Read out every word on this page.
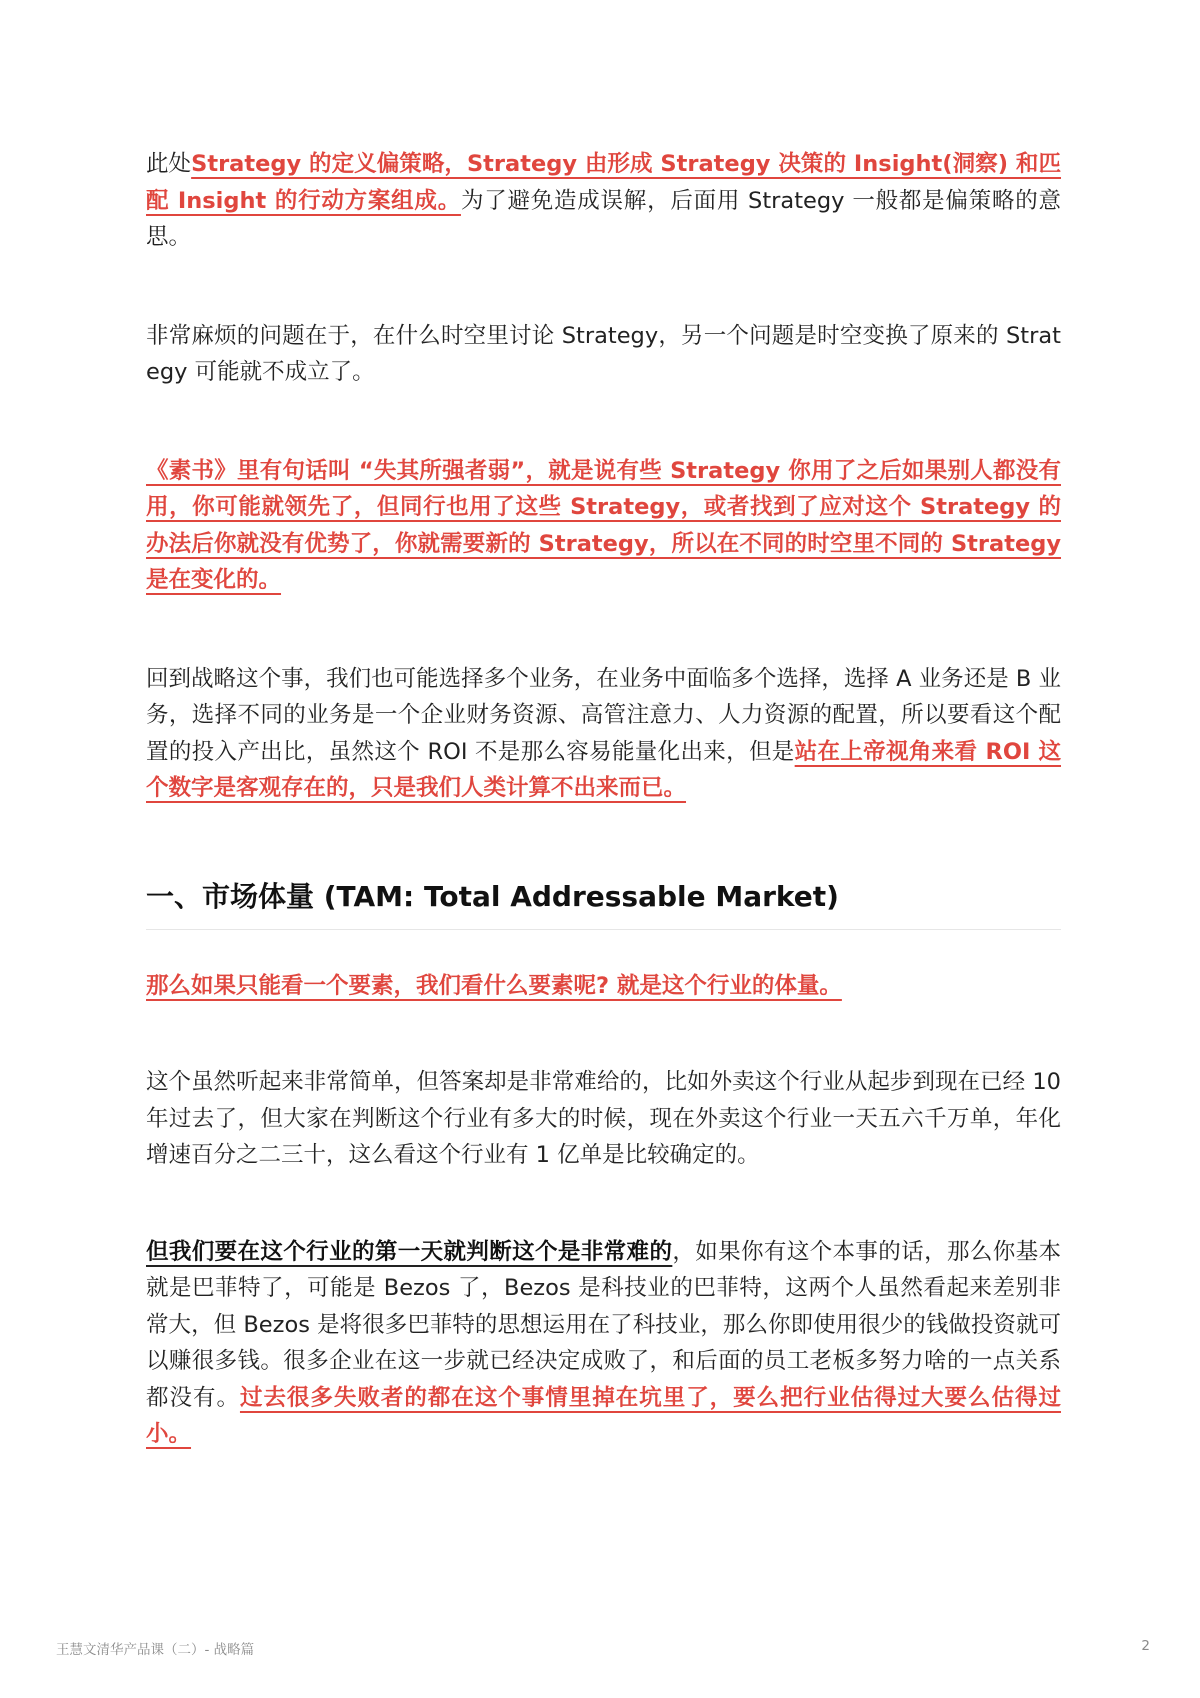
此处Strategy 的定义偏策略，Strategy 由形成 Strategy 决策的 Insight(洞察) 和匹配 Insight 的行动方案组成。为了避免造成误解，后面用 Strategy 一般都是偏策略的意思。

非常麻烦的问题在于，在什么时空里讨论 Strategy，另一个问题是时空变换了原来的 Strategy 可能就不成立了。

《素书》里有句话叫 “失其所强者弱”，就是说有些 Strategy 你用了之后如果别人都没有用，你可能就领先了，但同行也用了这些 Strategy，或者找到了应对这个 Strategy 的办法后你就没有优势了，你就需要新的 Strategy，所以在不同的时空里不同的 Strategy 是在变化的。

回到战略这个事，我们也可能选择多个业务，在业务中面临多个选择，选择 A 业务还是 B 业务，选择不同的业务是一个企业财务资源、高管注意力、人力资源的配置，所以要看这个配置的投入产出比，虽然这个 ROI 不是那么容易能量化出来，但是站在上帝视角来看 ROI 这个数字是客观存在的，只是我们人类计算不出来而已。

一、市场体量 (TAM: Total Addressable Market)

那么如果只能看一个要素，我们看什么要素呢? 就是这个行业的体量。

这个虽然听起来非常简单，但答案却是非常难给的，比如外卖这个行业从起步到现在已经 10 年过去了，但大家在判断这个行业有多大的时候，现在外卖这个行业一天五六千万单，年化增速百分之二三十，这么看这个行业有 1 亿单是比较确定的。

但我们要在这个行业的第一天就判断这个是非常难的，如果你有这个本事的话，那么你基本就是巴菲特了，可能是 Bezos 了，Bezos 是科技业的巴菲特，这两个人虽然看起来差别非常大，但 Bezos 是将很多巴菲特的思想运用在了科技业，那么你即使用很少的钱做投资就可以赚很多钱。很多企业在这一步就已经决定成败了，和后面的员工老板多努力啥的一点关系都没有。过去很多失败者的都在这个事情里掉在坑里了，要么把行业估得过大要么估得过小。

王慧文清华产品课（二）- 战略篇	2
